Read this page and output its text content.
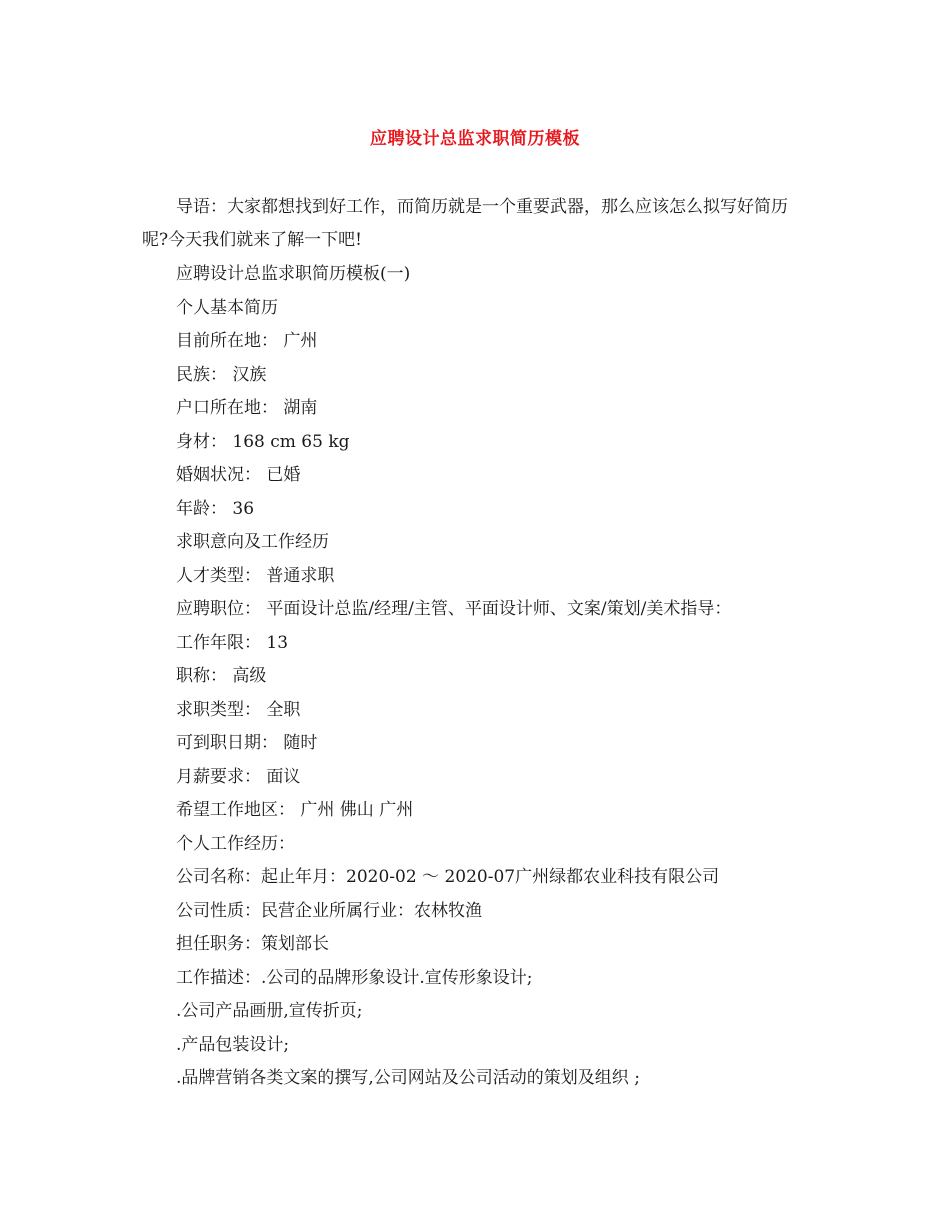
应聘设计总监求职简历模板

导语：大家都想找到好工作，而简历就是一个重要武器，那么应该怎么拟写好简历呢?今天我们就来了解一下吧!

应聘设计总监求职简历模板(一)
个人基本简历
目前所在地： 广州
民族： 汉族
户口所在地： 湖南
身材： 168 cm 65 kg
婚姻状况： 已婚
年龄： 36
求职意向及工作经历
人才类型： 普通求职
应聘职位： 平面设计总监/经理/主管、平面设计师、文案/策划/美术指导：
工作年限： 13
职称： 高级
求职类型： 全职
可到职日期： 随时
月薪要求： 面议
希望工作地区： 广州 佛山 广州
个人工作经历：
公司名称：起止年月：2020-02 ～ 2020-07广州绿都农业科技有限公司
公司性质：民营企业所属行业：农林牧渔
担任职务：策划部长
工作描述：.公司的品牌形象设计.宣传形象设计;
.公司产品画册,宣传折页;
.产品包装设计;
.品牌营销各类文案的撰写,公司网站及公司活动的策划及组织 ;
